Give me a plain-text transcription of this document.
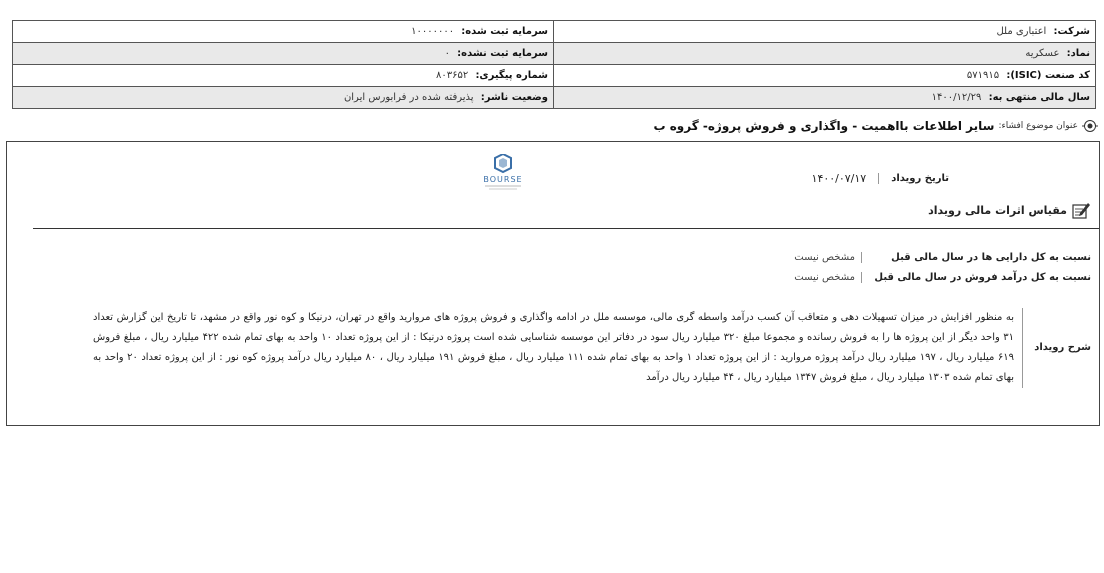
شرکت: اعتباری ملل	سرمایه ثبت شده: ۱۰۰۰۰۰۰۰
نماد: عسکریه	سرمایه ثبت نشده: ۰
کد صنعت (ISIC): ۵۷۱۹۱۵	شماره پیگیری: ۸۰۳۶۵۲
سال مالی منتهی به: ۱۴۰۰/۱۲/۲۹	وضعیت ناشر: پذیرفته شده در فرابورس ایران
عنوان موضوع افشاء:
سایر اطلاعات بااهمیت - واگذاری و فروش پروژه- گروه ب
BOURSE	تاریخ رویداد
۱۴۰۰/۰۷/۱۷
مقیاس اثرات مالی رویداد
نسبت به کل دارایی ها در سال مالی قبل
مشخص نیست
نسبت به کل درآمد فروش در سال مالی قبل
مشخص نیست
شرح رویداد

به منظور افزایش در میزان تسهیلات دهی و متعاقب آن کسب درآمد واسطه گری مالی، موسسه ملل در ادامه واگذاری و فروش پروژه های مروارید واقع در تهران، درنیکا و کوه نور واقع در مشهد، تا تاریخ این گزارش تعداد ۳۱ واحد دیگر از این پروژه ها را به فروش رسانده و مجموعا مبلغ ۳۲۰ میلیارد ریال سود در دفاتر این موسسه شناسایی شده است پروژه درنیکا : از این پروژه تعداد ۱۰ واحد به بهای تمام شده ۴۲۲ میلیارد ریال ، مبلغ فروش ۶۱۹ میلیارد ریال ، ۱۹۷ میلیارد ریال درآمد پروژه مروارید : از این پروژه تعداد ۱ واحد به بهای تمام شده ۱۱۱ میلیارد ریال ، مبلغ فروش ۱۹۱ میلیارد ریال ، ۸۰ میلیارد ریال درآمد پروژه کوه نور : از این پروژه تعداد ۲۰ واحد به بهای تمام شده ۱۳۰۳ میلیارد ریال ، مبلغ فروش ۱۳۴۷ میلیارد ریال ، ۴۴ میلیارد ریال درآمد
